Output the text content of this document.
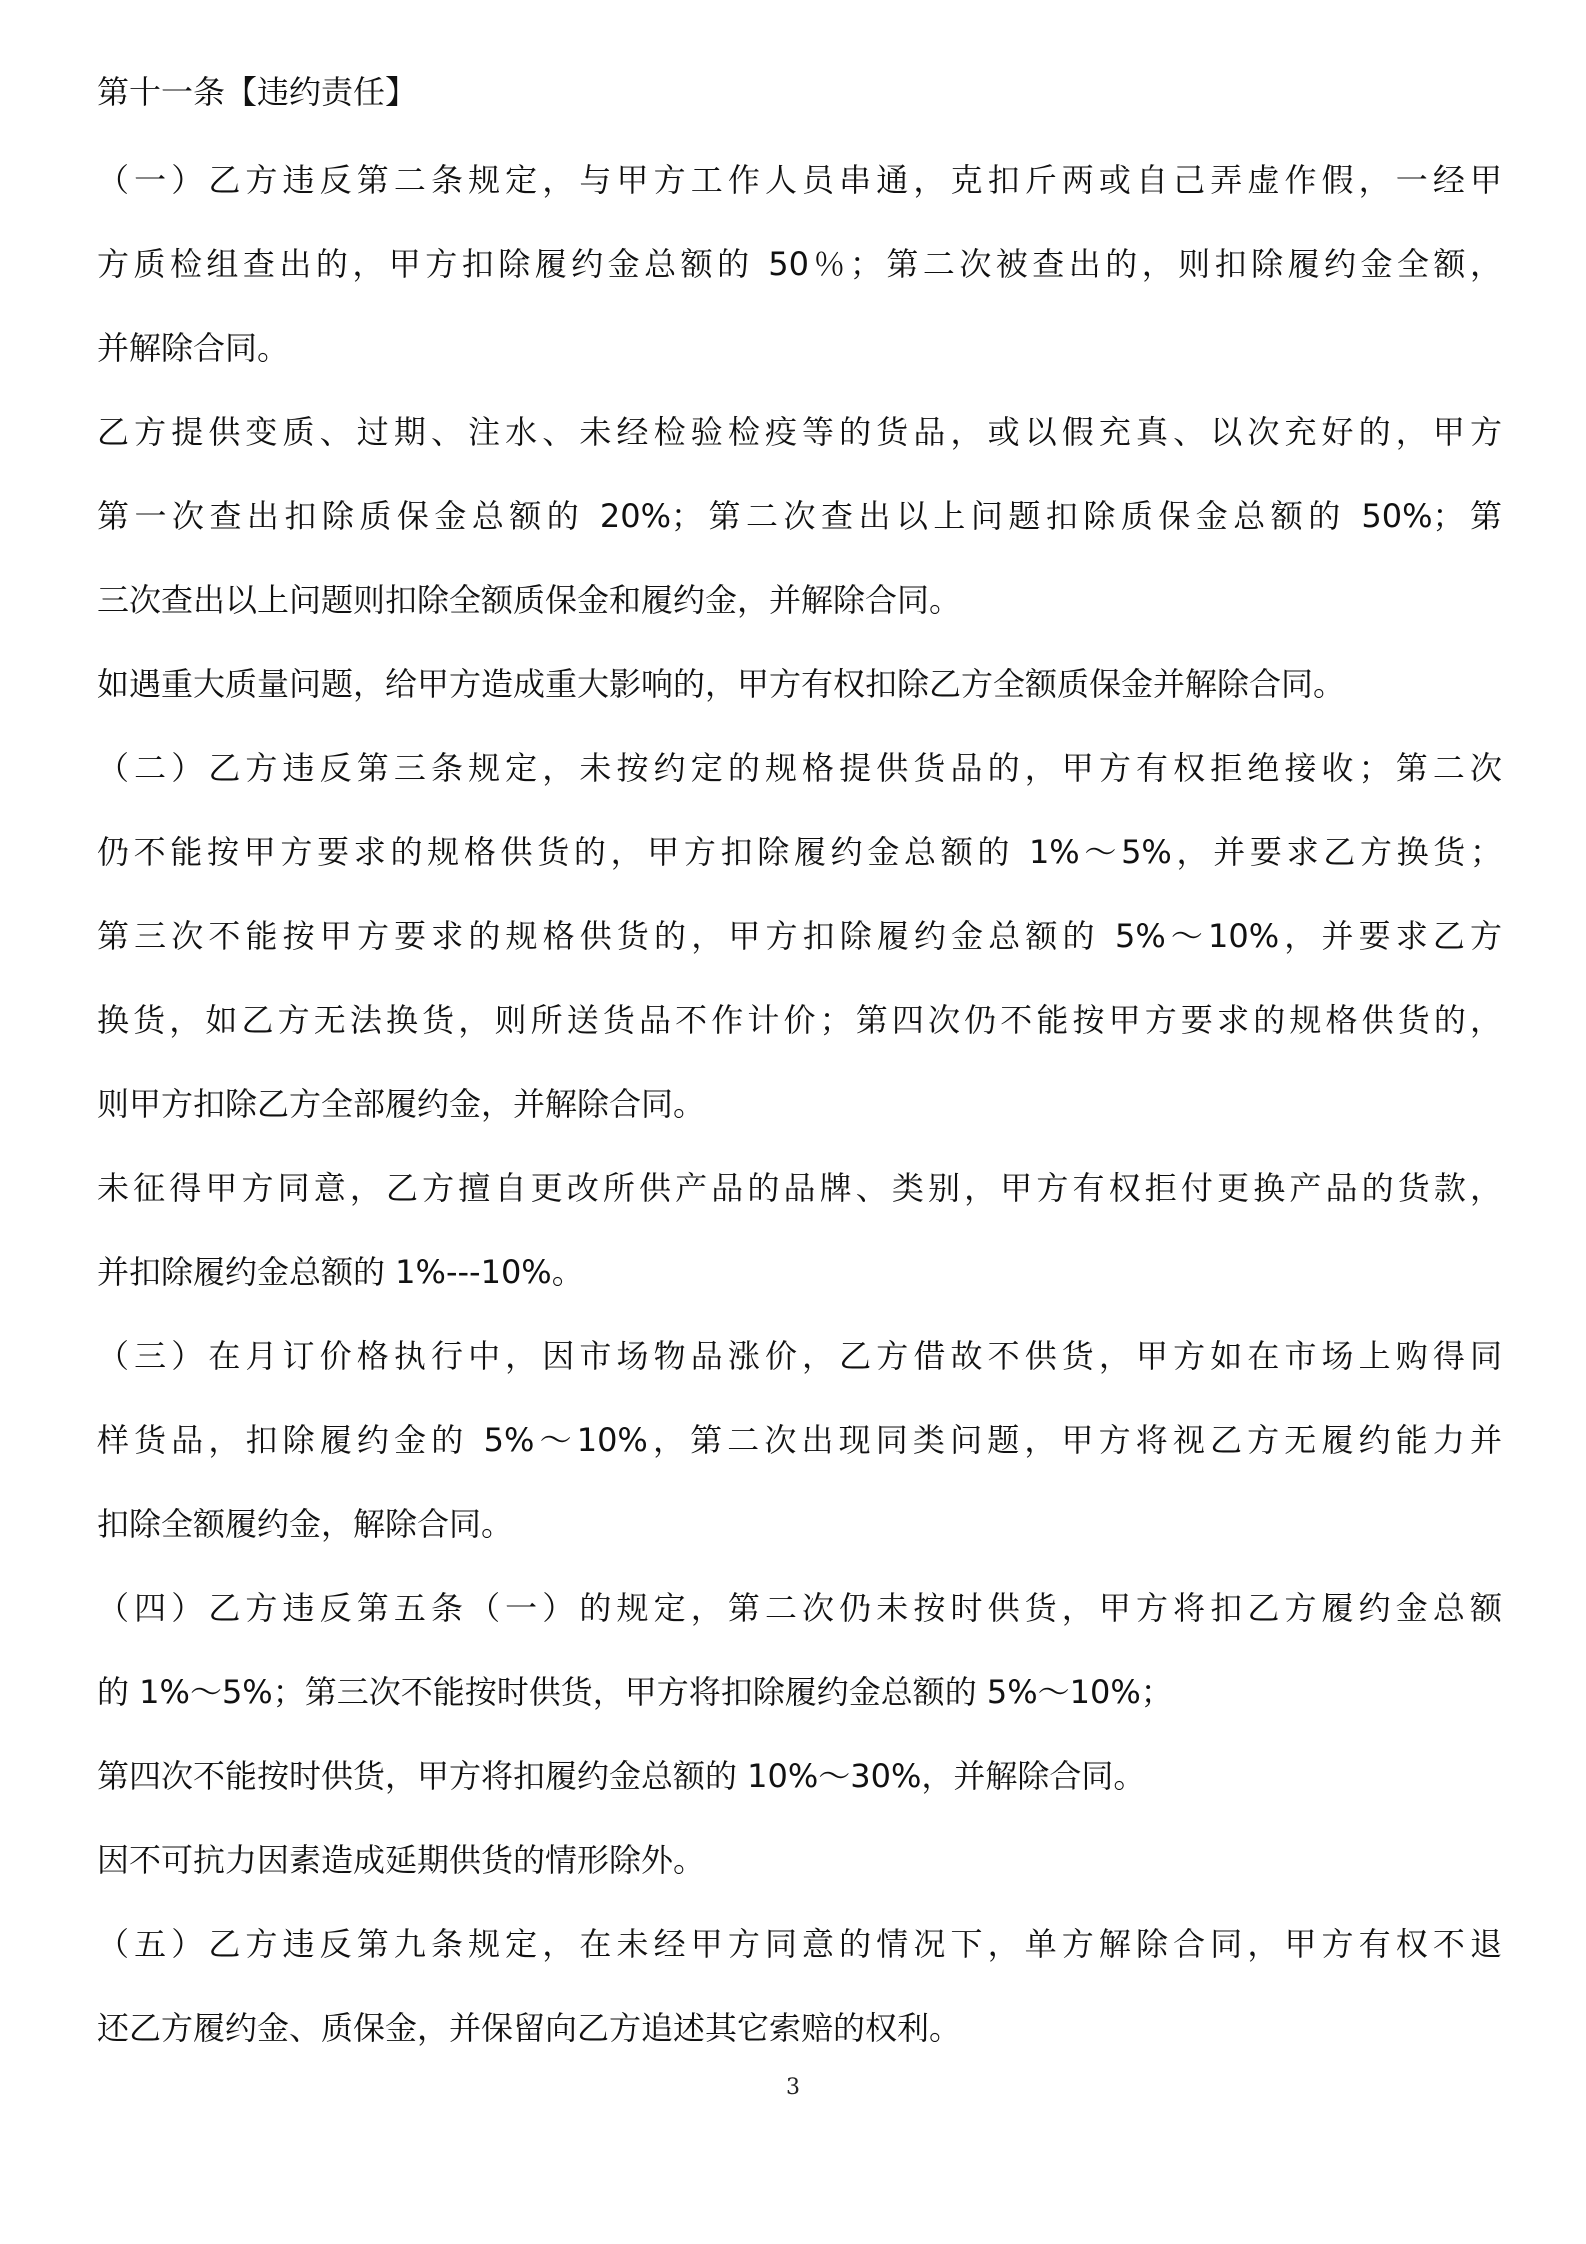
第十一条【违约责任】

（一）乙方违反第二条规定，与甲方工作人员串通，克扣斤两或自己弄虚作假，一经甲
方质检组查出的，甲方扣除履约金总额的 50％；第二次被查出的，则扣除履约金全额，
并解除合同。

乙方提供变质、过期、注水、未经检验检疫等的货品，或以假充真、以次充好的，甲方
第一次查出扣除质保金总额的 20%；第二次查出以上问题扣除质保金总额的 50%；第
三次查出以上问题则扣除全额质保金和履约金，并解除合同。

如遇重大质量问题，给甲方造成重大影响的，甲方有权扣除乙方全额质保金并解除合同。

（二）乙方违反第三条规定，未按约定的规格提供货品的，甲方有权拒绝接收；第二次
仍不能按甲方要求的规格供货的，甲方扣除履约金总额的 1%～5%，并要求乙方换货；
第三次不能按甲方要求的规格供货的，甲方扣除履约金总额的 5%～10%，并要求乙方
换货，如乙方无法换货，则所送货品不作计价；第四次仍不能按甲方要求的规格供货的，
则甲方扣除乙方全部履约金，并解除合同。

未征得甲方同意，乙方擅自更改所供产品的品牌、类别，甲方有权拒付更换产品的货款，
并扣除履约金总额的 1%---10%。

（三）在月订价格执行中，因市场物品涨价，乙方借故不供货，甲方如在市场上购得同
样货品，扣除履约金的 5%～10%，第二次出现同类问题，甲方将视乙方无履约能力并
扣除全额履约金，解除合同。

（四）乙方违反第五条（一）的规定，第二次仍未按时供货，甲方将扣乙方履约金总额
的 1%～5%；第三次不能按时供货，甲方将扣除履约金总额的 5%～10%；

第四次不能按时供货，甲方将扣履约金总额的 10%～30%，并解除合同。

因不可抗力因素造成延期供货的情形除外。

（五）乙方违反第九条规定，在未经甲方同意的情况下，单方解除合同，甲方有权不退
还乙方履约金、质保金，并保留向乙方追述其它索赔的权利。

3
